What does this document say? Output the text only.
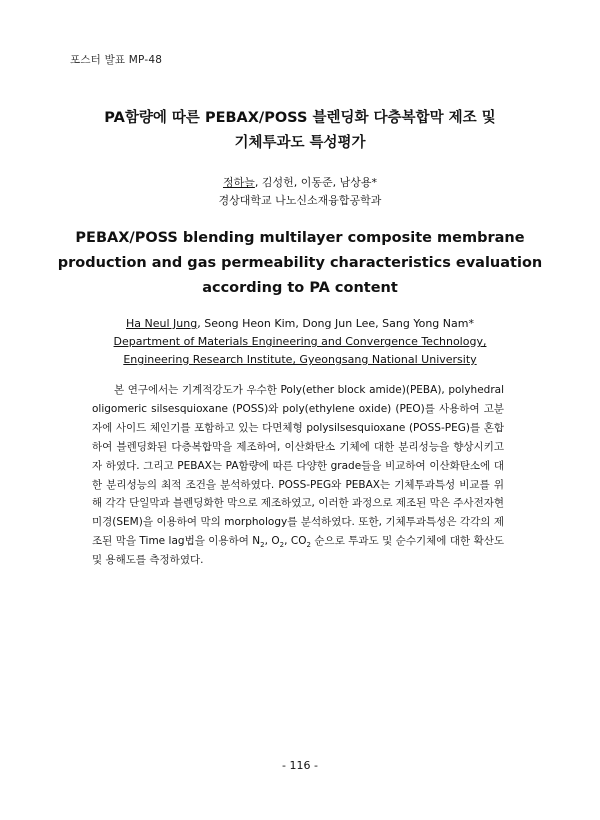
포스터 발표 MP-48
PA함량에 따른 PEBAX/POSS 블렌딩화 다층복합막 제조 및
기체투과도 특성평가
정하늘, 김성헌, 이동준, 남상용*
경상대학교 나노신소재융합공학과
PEBAX/POSS blending multilayer composite membrane
production and gas permeability characteristics evaluation
according to PA content
Ha Neul Jung, Seong Heon Kim, Dong Jun Lee, Sang Yong Nam*
Department of Materials Engineering and Convergence Technology,
Engineering Research Institute, Gyeongsang National University
본 연구에서는 기계적강도가 우수한 Poly(ether block amide)(PEBA), polyhedral oligomeric silsesquioxane (POSS)와 poly(ethylene oxide) (PEO)를 사용하여 고분자에 사이드 체인기를 포함하고 있는 다면체형 polysilsesquioxane (POSS-PEG)를 혼합하여 블렌딩화된 다층복합막을 제조하여, 이산화탄소 기체에 대한 분리성능을 향상시키고자 하였다. 그리고 PEBAX는 PA함량에 따른 다양한 grade들을 비교하여 이산화탄소에 대한 분리성능의 최적 조건을 분석하였다. POSS-PEG와 PEBAX는 기체투과특성 비교를 위해 각각 단일막과 블렌딩화한 막으로 제조하였고, 이러한 과정으로 제조된 막은 주사전자현미경(SEM)을 이용하여 막의 morphology를 분석하였다. 또한, 기체투과특성은 각각의 제조된 막을 Time lag법을 이용하여 $N_2$, $O_2$, $CO_2$ 순으로 투과도 및 순수기체에 대한 확산도 및 용해도를 측정하였다.
- 116 -
